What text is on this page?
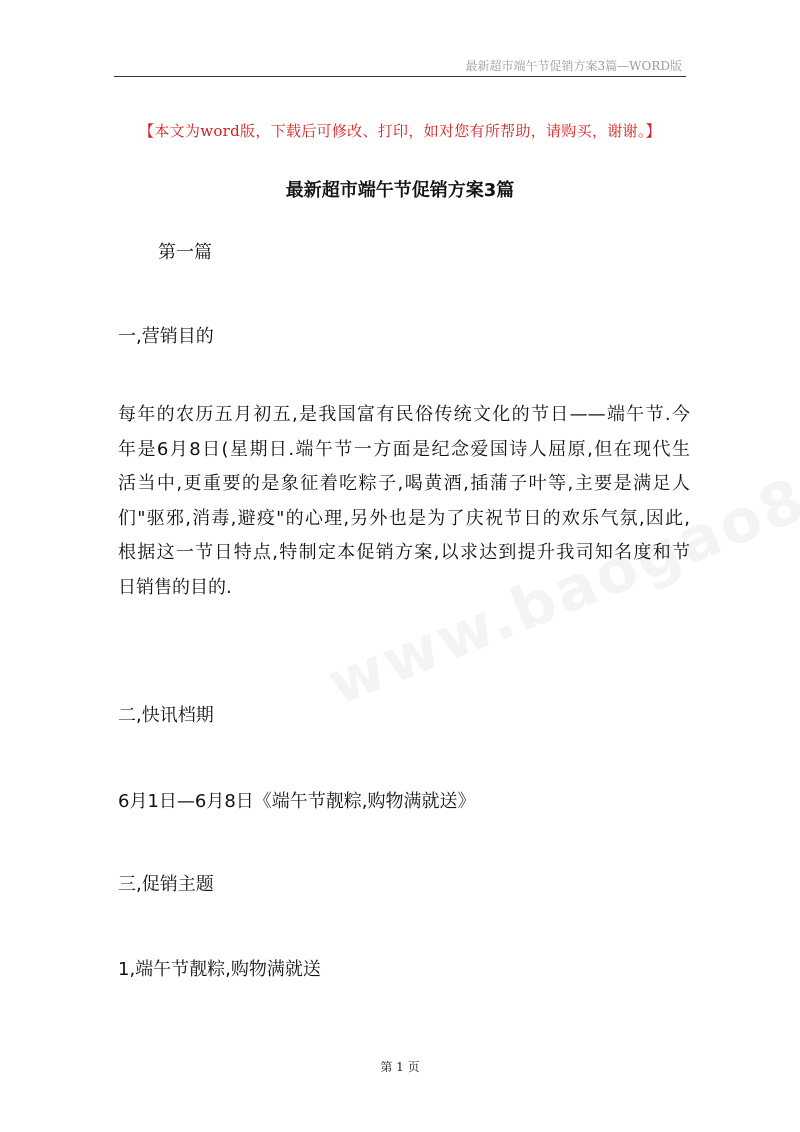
最新超市端午节促销方案3篇—WORD版
【本文为word版，下载后可修改、打印，如对您有所帮助，请购买，谢谢。】
最新超市端午节促销方案3篇
第一篇
一,营销目的
每年的农历五月初五,是我国富有民俗传统文化的节日——端午节.今
年是6月8日(星期日.端午节一方面是纪念爱国诗人屈原,但在现代生
活当中,更重要的是象征着吃粽子,喝黄酒,插蒲子叶等,主要是满足人
们"驱邪,消毒,避疫"的心理,另外也是为了庆祝节日的欢乐气氛,因此,
根据这一节日特点,特制定本促销方案,以求达到提升我司知名度和节
日销售的目的.
二,快讯档期
6月1日—6月8日《端午节靓粽,购物满就送》
三,促销主题
1,端午节靓粽,购物满就送
第 1 页
